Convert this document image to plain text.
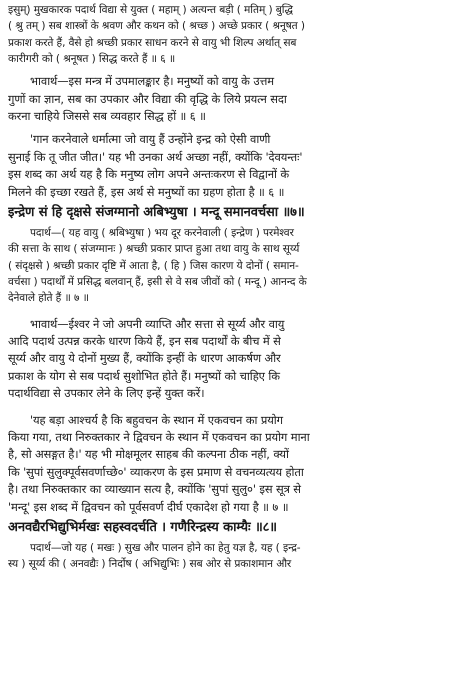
इसुम्) मुखकारक पदार्थ विद्या से युक्त ( महाम् ) अत्यन्त बड़ी ( मतिम् ) बुद्धि
( श्रु तम् ) सब शास्त्रों के श्रवण और कथन को ( श्रच्छ ) अच्छे प्रकार ( श्रनूषत )
प्रकाश करते हैं, वैसे हो श्रच्छी प्रकार साधन करने से वायु भी शिल्प अर्थात् सब
कारीगरी को ( श्रनूषत ) सिद्ध करते हैं ॥ ६ ॥
भावार्थ—इस मन्त्र में उपमालङ्कार है। मनुष्यों को वायु के उत्तम
गुणों का ज्ञान, सब का उपकार और विद्या की वृद्धि के लिये प्रयत्न सदा
करना चाहिये जिससे सब व्यवहार सिद्ध हों ॥ ६ ॥
'गान करनेवाले धर्मात्मा जो वायु हैं उन्होंने इन्द्र को ऐसी वाणी
सुनाई कि तू जीत जीत।' यह भी उनका अर्थ अच्छा नहीं, क्योंकि 'देवयन्तः'
इस शब्द का अर्थ यह है कि मनुष्य लोग अपने अन्तःकरण से विद्वानों के
मिलने की इच्छा रखते हैं, इस अर्थ से मनुष्यों का ग्रहण होता है ॥ ६ ॥
इन्द्रेण सं हि दृक्षसे संजग्मानो अबिभ्युषा । मन्दू समानवर्चसा ॥७॥
पदार्थ—( यह वायु ( श्रबिभ्युषा ) भय दूर करनेवाली ( इन्द्रेण ) परमेश्वर
की सत्ता के साथ ( संजग्मानः ) श्रच्छी प्रकार प्राप्त हुआ तथा वायु के साथ सूर्य्य
( संदृक्षसे ) श्रच्छी प्रकार दृष्टि में आता है, ( हि ) जिस कारण ये दोनों ( समान-
वर्चसा ) पदार्थों में प्रसिद्ध बलवान् हैं, इसी से वे सब जीवों को ( मन्दू ) आनन्द के
देनेवाले होते हैं ॥ ७ ॥
भावार्थ—ईश्वर ने जो अपनी व्याप्ति और सत्ता से सूर्य्य और वायु
आदि पदार्थ उत्पन्न करके धारण किये हैं, इन सब पदार्थों के बीच में से
सूर्य्य और वायु ये दोनों मुख्य हैं, क्योंकि इन्हीं के धारण आकर्षण और
प्रकाश के योग से सब पदार्थ सुशोभित होते हैं। मनुष्यों को चाहिए कि
पदार्थविद्या से उपकार लेने के लिए इन्हें युक्त करें।
'यह बड़ा आश्चर्य है कि बहुवचन के स्थान में एकवचन का प्रयोग
किया गया, तथा निरुक्तकार ने द्विवचन के स्थान में एकवचन का प्रयोग माना
है, सो असङ्गत है।' यह भी मोक्षमूलर साहब की कल्पना ठीक नहीं, क्यों
कि 'सुपां सुलुक्पूर्वसवर्णाच्छे०' व्याकरण के इस प्रमाण से वचनव्यत्यय होता
है। तथा निरुक्तकार का व्याख्यान सत्य है, क्योंकि 'सुपां सुलु०' इस सूत्र से
'मन्दू' इस शब्द में द्विवचन को पूर्वसवर्ण दीर्घ एकादेश हो गया है ॥ ७ ॥
अनवद्यैरभिद्युभिर्मखः सहस्वदर्चति । गणैरिन्द्रस्य काम्यैः ॥८॥
पदार्थ—जो यह ( मखः ) सुख और पालन होने का हेतु यज्ञ है, यह ( इन्द्र-
स्य ) सूर्य्य की ( अनवद्यैः ) निर्दोष ( अभिद्युभिः ) सब ओर से प्रकाशमान और
